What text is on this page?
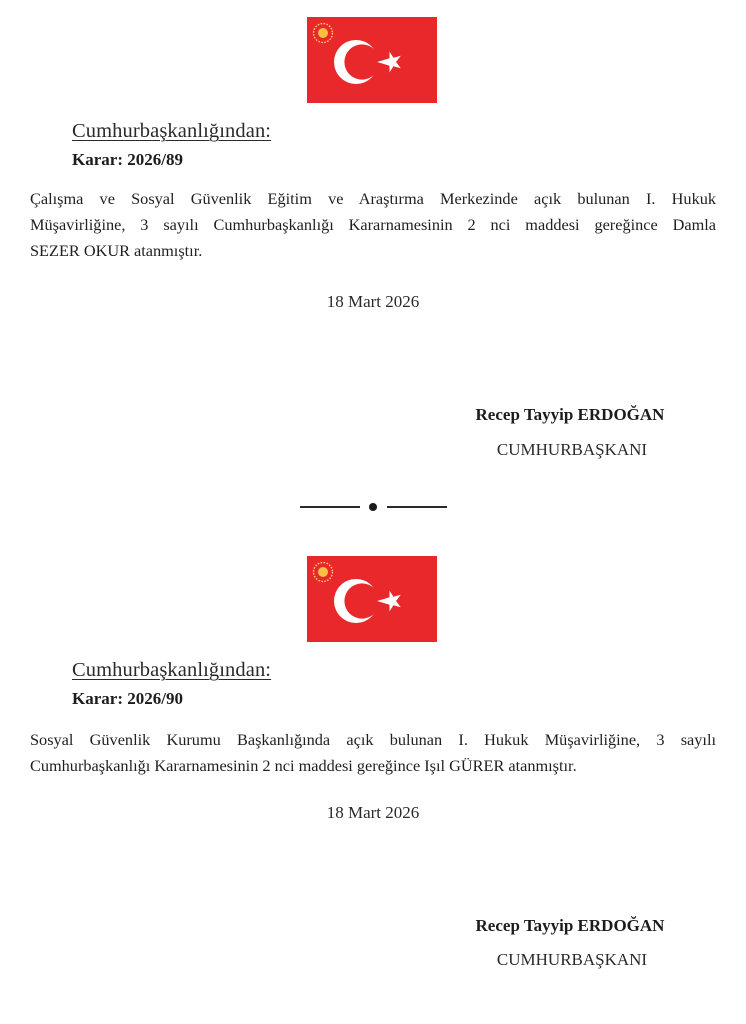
Cumhurbaşkanlığından:
Karar: 2026/89
Çalışma ve Sosyal Güvenlik Eğitim ve Araştırma Merkezinde açık bulunan I. Hukuk
Müşavirliğine, 3 sayılı Cumhurbaşkanlığı Kararnamesinin 2 nci maddesi gereğince Damla
SEZER OKUR atanmıştır.
18 Mart 2026
Recep Tayyip ERDOĞAN
CUMHURBAŞKANI
Cumhurbaşkanlığından:
Karar: 2026/90
Sosyal Güvenlik Kurumu Başkanlığında açık bulunan I. Hukuk Müşavirliğine, 3 sayılı
Cumhurbaşkanlığı Kararnamesinin 2 nci maddesi gereğince Işıl GÜRER atanmıştır.
18 Mart 2026
Recep Tayyip ERDOĞAN
CUMHURBAŞKANI
